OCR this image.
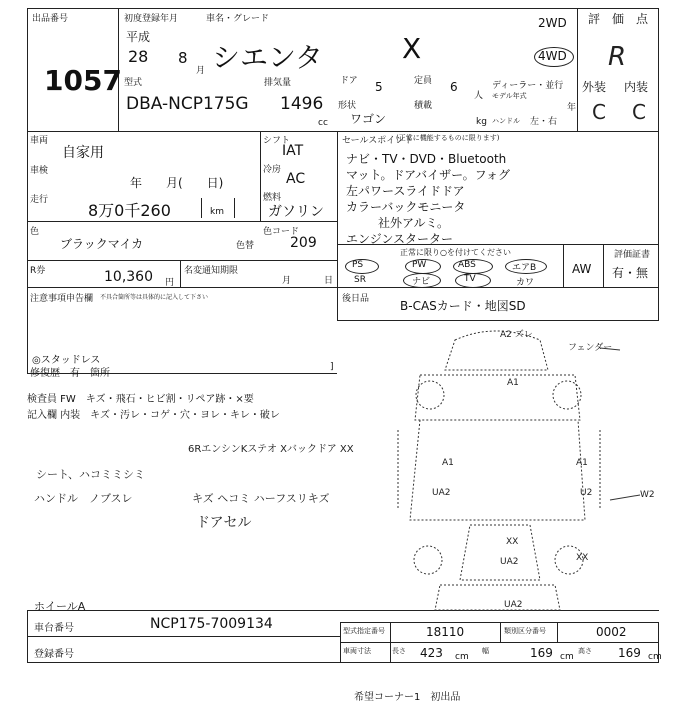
出品番号
1057
初度登録年月	車名・グレード
平成
28 8
月 シエンタ	X
2WD
4WD
型式	排気量	ドア	定員
DBA-NCP175G 1496
5	6
人
形状	積載
ワゴン
cc	kg
ディーラー・並行
モデル年式
年
ハンドル 左・右
評　価　点
R
外装 内装
C C
車両
自家用
車検
年　　月(　　日)
走行
8万0千260	km
シフト
IAT
冷房
AC
燃料
ガソリン
色
ブラックマイカ	色替
色コード
209
R券	10,360 円
名変通知期限
月	日
セールスポイント
(正常に機能するものに限ります)
ナビ・TV・DVD・Bluetooth
マット。ドアバイザー。フォグ
左パワースライドドア
カラーバックモニータ
社外アルミ。
エンジンスターター
正常に限り○を付けてください
PS	PW	ABS	エアB
SR	ナビ	TV	カワ
AW
評価証書
有・無
後日品	B-CASカード・地図SD
注意事項申告欄 不具合箇所等は具体的に記入して下さい
◎スタッドレス
修復歴　有　箇所
]
検査員 FW　キズ・飛石・ヒビ割・リペア跡・×要
記入欄 内装　キズ・汚レ・コゲ・穴・ヨレ・キレ・破レ
6RエンシンKステオ Xバックドア XX
シート、ハコミミシミ
ハンドル　ノブスレ	キズ ヘコミ ハーフスリキズ
ドアセル
ホイールA
A2 ズレ
フェンダー
A1
A1	A1
UA2	U2	W2
XX
UA2	XX
UA2
車台番号	NCP175-7009134
登録番号
型式指定番号	18110	類別区分番号	0002
車両寸法	長さ 423 cm
幅	169 cm
高さ 169 cm
希望コーナー1　初出品
